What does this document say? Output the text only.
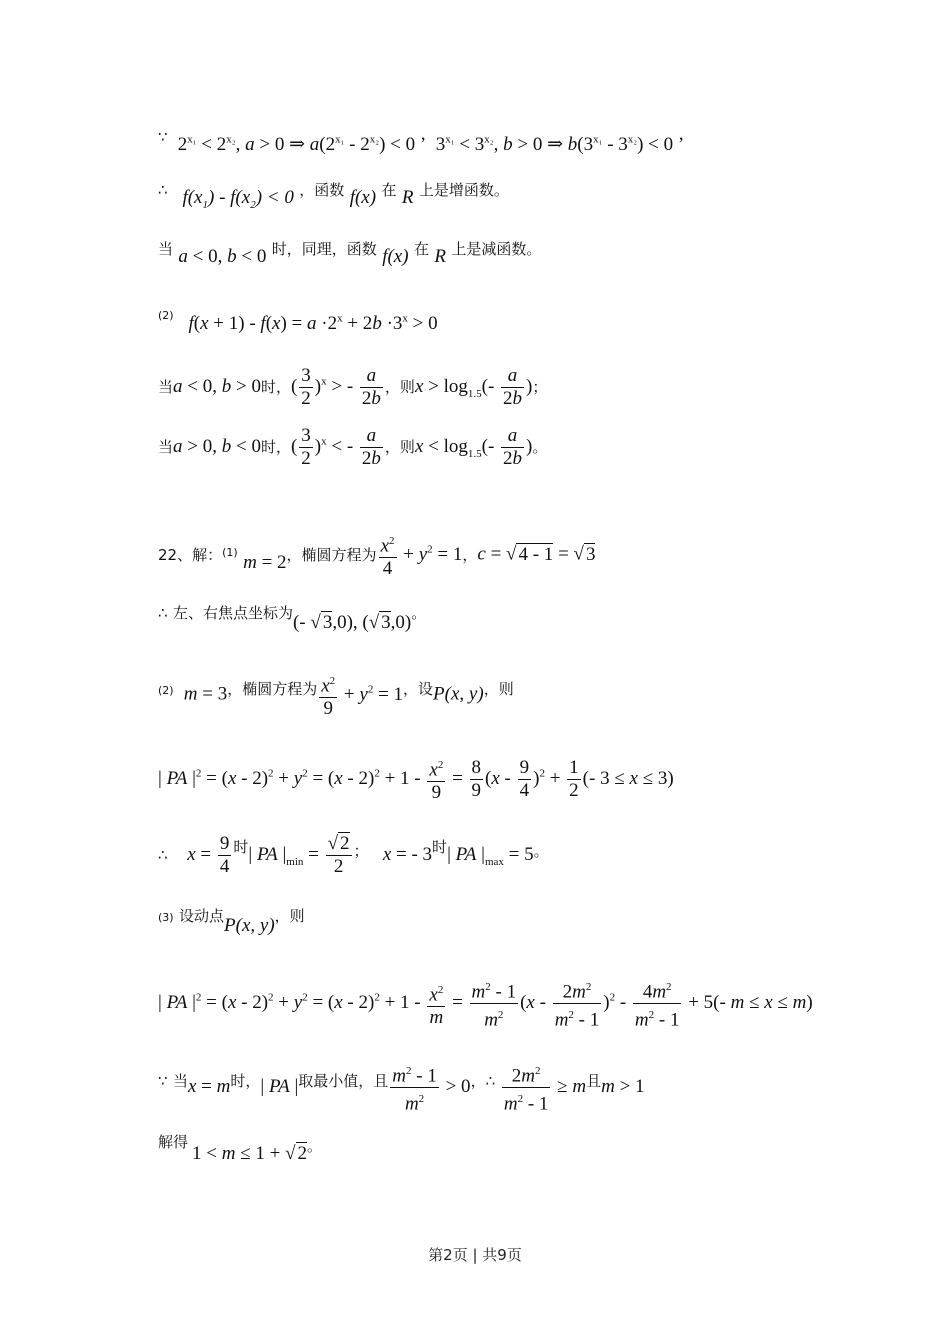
∵  $2^{x_1} < 2^{x_2}$, a > 0 ⇒ $a(2^{x_1} - 2^{x_2}) < 0$ ’  $3^{x_1} < 3^{x_2}$, b > 0 ⇒ $b(3^{x_1} - 3^{x_2}) < 0$ ’
∴   $f(x_1) - f(x_2) < 0$ ，函数 f(x) 在 R 上是增函数。
当 a < 0, b < 0 时，同理，函数 f(x) 在 R 上是减函数。
$^{(2)}$ $f(x + 1) - f(x) = a \cdot 2^x + 2b \cdot 3^x > 0$
当a < 0, b > 0时，( $\frac{3}{2} )^x$ > - $\frac{a}{2b}$ ，则$x > \log_{1.5}(- \frac{a}{2b}$ )；
当a > 0, b < 0时，( $\frac{3}{2} )^x$ < - $\frac{a}{2b}$ ，则$x < \log_{1.5}(- \frac{a}{2b}$ )。
22、解：$^{(1)}$ m = 2，椭圆方程为 $\frac{x^2}{4} + y^2 = 1$，c = √ 4 - 1 = √ 3
∴ 左、右焦点坐标为(- √ 3,0), (√ 3,0)。
$^{(2)}$ m = 3，椭圆方程为 $\frac{x^2}{9} + y^2 = 1$，设P(x, y)，则
| PA $|^2 = (x - 2)^2 + y^2 = (x - 2)^2 + 1 - \frac{x^2}{9} = \frac{8}{9} (x - \frac{9}{4} )^2 + \frac{1}{2}$ (- 3 ≤ x ≤ 3)
∴ $x = \frac{9}{4}$ 时| PA $|_{min} = \frac{√ 2}{2}$ ； x = - 3时| PA $|_{max} = 5$。
$^{(3)}$ 设动点P(x, y)，则
| PA $|^2 = (x - 2)^2 + y^2 = (x - 2)^2 + 1 - \frac{x^2}{m} = \frac{m^2 - 1}{m^2} (x - \frac{2m^2}{m^2 - 1} )^2 - \frac{4m^2}{m^2 - 1} + 5(-$ m ≤ x ≤ m)
∵ 当x = m时，| PA |取最小值，且 $\frac{m^2 - 1}{m^2} > 0$，∴ $\frac{2m^2}{m^2 - 1} \ge m$且m > 1
解得
1 < m ≤ 1 + √ 2。
第2页 | 共9页
